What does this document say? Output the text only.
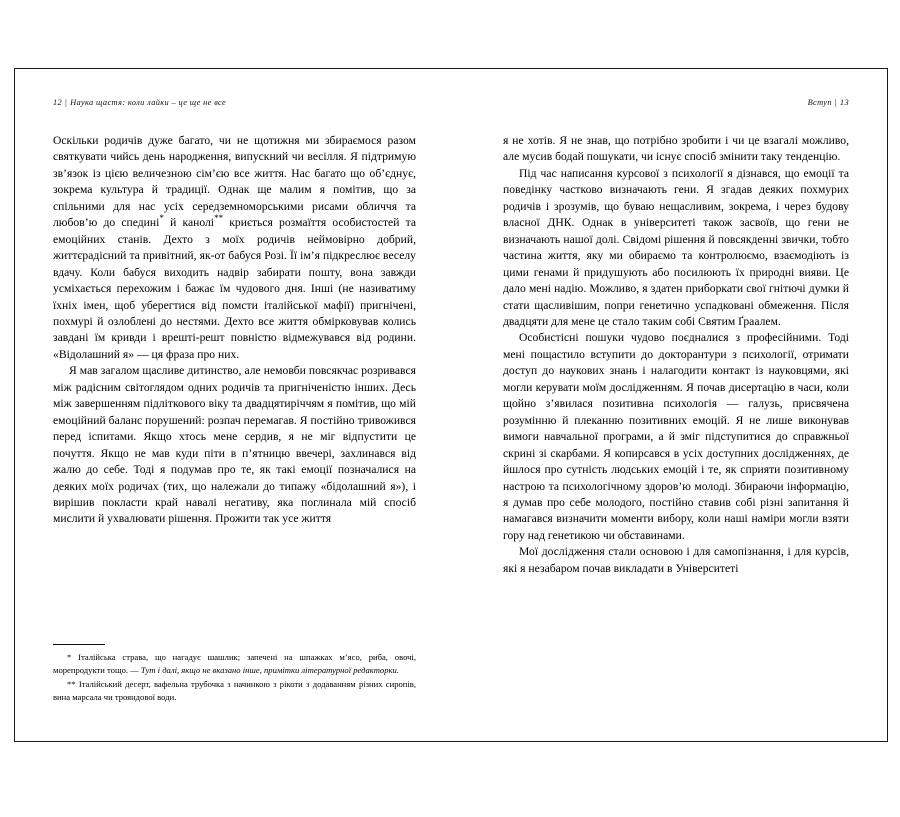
12 | Наука щастя: коли лайки – це ще не все

Оскільки родичів дуже багато, чи не щотижня ми збираємося разом святкувати чийсь день народження, випускний чи весілля. Я підтримую зв’язок із цією величезною сім’єю все життя. Нас багато що об’єднує, зокрема культура й традиції. Однак ще малим я помітив, що за спільними для нас усіх середземноморськими рисами обличчя та любов’ю до спедині* й канолі** криється розмаїття особистостей та емоційних станів. Дехто з моїх родичів неймовірно добрий, життєрадісний та привітний, як-от бабуся Розі. Її ім’я підкреслює веселу вдачу. Коли бабуся виходить надвір забирати пошту, вона завжди усміхається перехожим і бажає їм чудового дня. Інші (не називатиму їхніх імен, щоб уберегтися від помсти італійської мафії) пригнічені, похмурі й озлоблені до нестями. Дехто все життя обмірковував колись завдані їм кривди і врешті-решт повністю відмежувався від родини. «Відолашний я» — ця фраза про них.

Я мав загалом щасливе дитинство, але немовби повсякчас розривався між радісним світоглядом одних родичів та пригніченістю інших. Десь між завершенням підліткового віку та двадцятиріччям я помітив, що мій емоційний баланс порушений: розпач перемагав. Я постійно тривожився перед іспитами. Якщо хтось мене сердив, я не міг відпустити це почуття. Якщо не мав куди піти в п’ятницю ввечері, захлинався від жалю до себе. Тоді я подумав про те, як такі емоції позначалися на деяких моїх родичах (тих, що належали до типажу «бідолашний я»), і вирішив покласти край навалі негативу, яка поглинала мій спосіб мислити й ухвалювати рішення. Прожити так усе життя

* Італійська страва, що нагадує шашлик; запечені на шпажках м’ясо, риба, овочі, морепродукти тощо. — Тут і далі, якщо не вказано інше, примітки літературної редакторки.

** Італійський десерт, вафельна трубочка з начинкою з рікоти з додаванням різних сиропів, вина марсала чи трояндової води.

Вступ | 13

я не хотів. Я не знав, що потрібно зробити і чи це взагалі можливо, але мусив бодай пошукати, чи існує спосіб змінити таку тенденцію.

Під час написання курсової з психології я дізнався, що емоції та поведінку частково визначають гени. Я згадав деяких похмурих родичів і зрозумів, що буваю нещасливим, зокрема, і через будову власної ДНК. Однак в університеті також засвоїв, що гени не визначають нашої долі. Свідомі рішення й повсякденні звички, тобто частина життя, яку ми обираємо та контролюємо, взаємодіють із цими генами й придушують або посилюють їх природні вияви. Це дало мені надію. Можливо, я здатен приборкати свої гнітючі думки й стати щасливішим, попри генетично успадковані обмеження. Після двадцяти для мене це стало таким собі Святим Ґраалем.

Особистісні пошуки чудово поєдналися з професійними. Тоді мені пощастило вступити до докторантури з психології, отримати доступ до наукових знань і налагодити контакт із науковцями, які могли керувати моїм дослідженням. Я почав дисертацію в часи, коли щойно з’явилася позитивна психологія — галузь, присвячена розумінню й плеканню позитивних емоцій. Я не лише виконував вимоги навчальної програми, а й зміг підступитися до справжньої скрині зі скарбами. Я копирсався в усіх доступних дослідженнях, де йшлося про сутність людських емоцій і те, як сприяти позитивному настрою та психологічному здоров’ю молоді. Збираючи інформацію, я думав про себе молодого, постійно ставив собі різні запитання й намагався визначити моменти вибору, коли наші наміри могли взяти гору над генетикою чи обставинами.

Мої дослідження стали основою і для самопізнання, і для курсів, які я незабаром почав викладати в Університеті
